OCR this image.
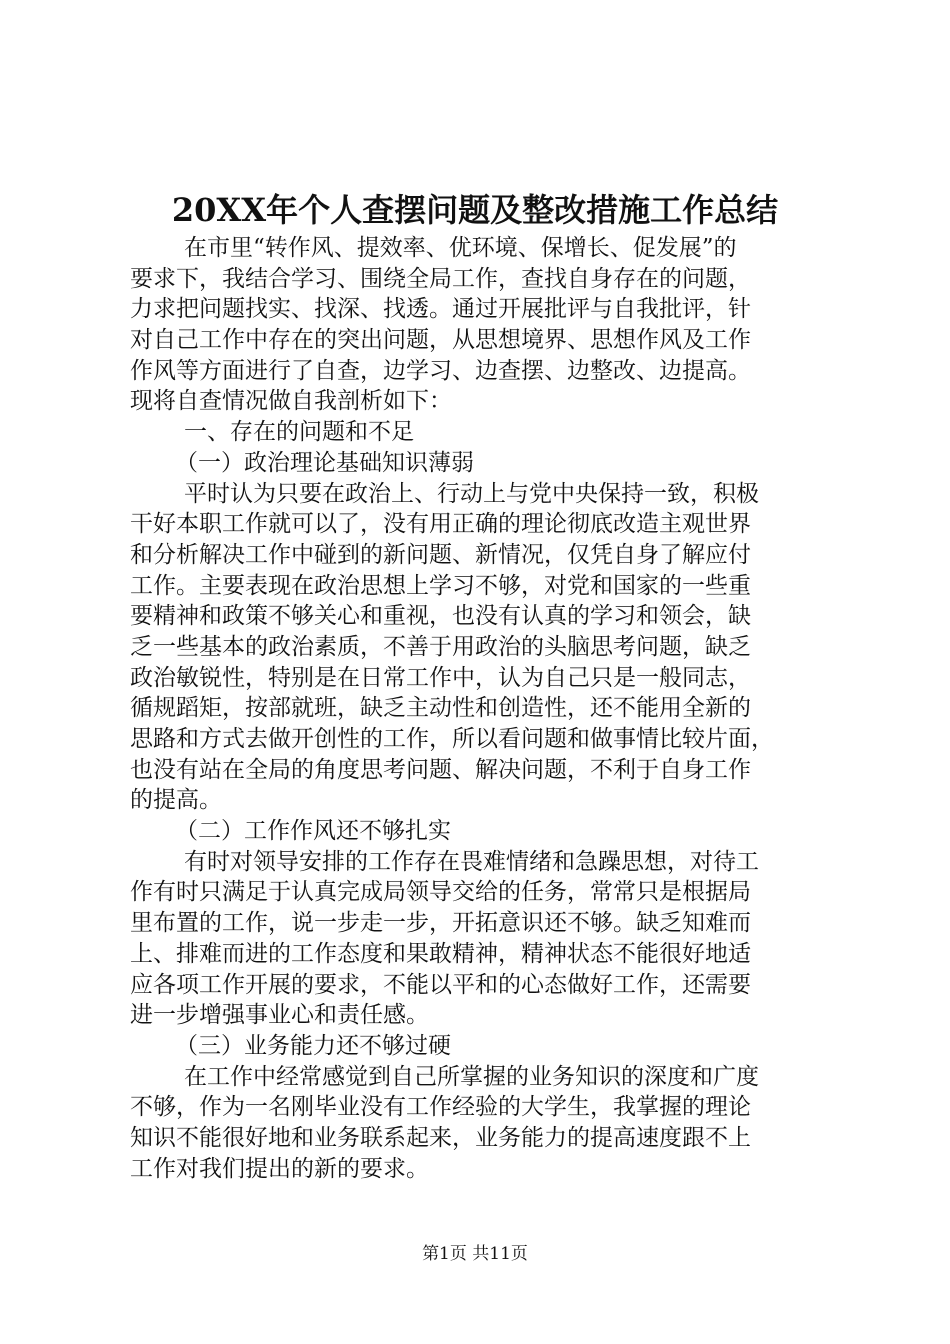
20XX年个人查摆问题及整改措施工作总结
在市里“转作风、提效率、优环境、保增长、促发展”的
要求下，我结合学习、围绕全局工作，查找自身存在的问题，
力求把问题找实、找深、找透。通过开展批评与自我批评，针
对自己工作中存在的突出问题，从思想境界、思想作风及工作
作风等方面进行了自查，边学习、边查摆、边整改、边提高。
现将自查情况做自我剖析如下：
一、存在的问题和不足
（一）政治理论基础知识薄弱
平时认为只要在政治上、行动上与党中央保持一致，积极
干好本职工作就可以了，没有用正确的理论彻底改造主观世界
和分析解决工作中碰到的新问题、新情况，仅凭自身了解应付
工作。主要表现在政治思想上学习不够，对党和国家的一些重
要精神和政策不够关心和重视，也没有认真的学习和领会，缺
乏一些基本的政治素质，不善于用政治的头脑思考问题，缺乏
政治敏锐性，特别是在日常工作中，认为自己只是一般同志，
循规蹈矩，按部就班，缺乏主动性和创造性，还不能用全新的
思路和方式去做开创性的工作，所以看问题和做事情比较片面，
也没有站在全局的角度思考问题、解决问题，不利于自身工作
的提高。
（二）工作作风还不够扎实
有时对领导安排的工作存在畏难情绪和急躁思想，对待工
作有时只满足于认真完成局领导交给的任务，常常只是根据局
里布置的工作，说一步走一步，开拓意识还不够。缺乏知难而
上、排难而进的工作态度和果敢精神，精神状态不能很好地适
应各项工作开展的要求，不能以平和的心态做好工作，还需要
进一步增强事业心和责任感。
（三）业务能力还不够过硬
在工作中经常感觉到自己所掌握的业务知识的深度和广度
不够，作为一名刚毕业没有工作经验的大学生，我掌握的理论
知识不能很好地和业务联系起来，业务能力的提高速度跟不上
工作对我们提出的新的要求。
第1页 共11页
